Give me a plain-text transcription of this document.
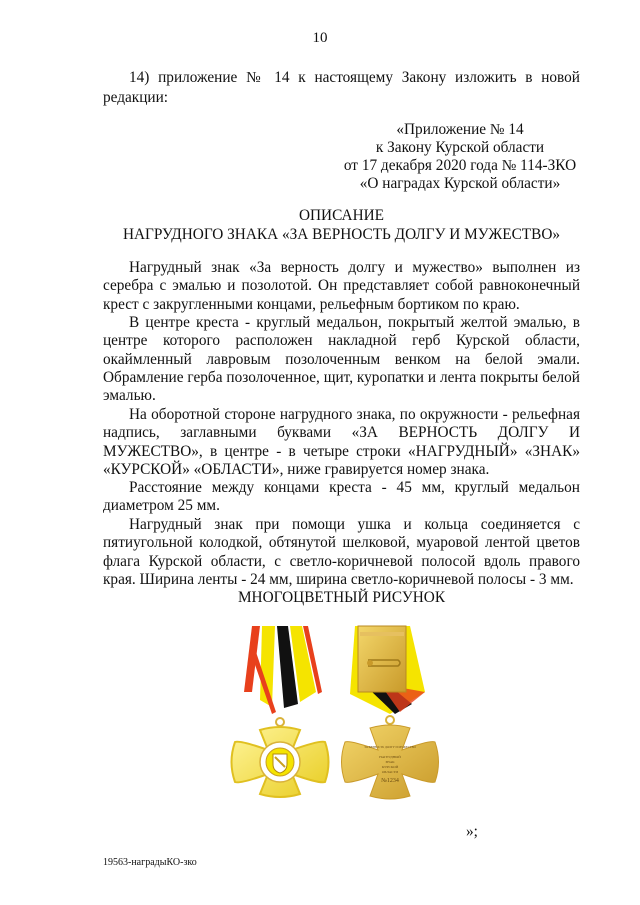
10
14) приложение № 14 к настоящему Закону изложить в новой редакции:
«Приложение № 14
к Закону Курской области
от 17 декабря 2020 года № 114-ЗКО
«О наградах Курской области»
ОПИСАНИЕ
НАГРУДНОГО ЗНАКА «ЗА ВЕРНОСТЬ ДОЛГУ И МУЖЕСТВО»
Нагрудный знак «За верность долгу и мужество» выполнен из серебра с эмалью и позолотой. Он представляет собой равноконечный крест с закругленными концами, рельефным бортиком по краю.
В центре креста - круглый медальон, покрытый желтой эмалью, в центре которого расположен накладной герб Курской области, окаймленный лавровым позолоченным венком на белой эмали. Обрамление герба позолоченное, щит, куропатки и лента покрыты белой эмалью.
На оборотной стороне нагрудного знака, по окружности - рельефная надпись, заглавными буквами «ЗА ВЕРНОСТЬ ДОЛГУ И МУЖЕСТВО», в центре - в четыре строки «НАГРУДНЫЙ» «ЗНАК» «КУРСКОЙ» «ОБЛАСТИ», ниже гравируется номер знака.
Расстояние между концами креста - 45 мм, круглый медальон диаметром 25 мм.
Нагрудный знак при помощи ушка и кольца соединяется с пятиугольной колодкой, обтянутой шелковой, муаровой лентой цветов флага Курской области, с светло-коричневой полосой вдоль правого края. Ширина ленты - 24 мм, ширина светло-коричневой полосы - 3 мм.
МНОГОЦВЕТНЫЙ РИСУНОК
НАГРУДНЫЙ
ЗНАК
КУРСКОЙ
ОБЛАСТИ
№1234
ЗА ВЕРНОСТЬ ДОЛГУ И МУЖЕСТВО
»;
19563-наградыКО-зко
